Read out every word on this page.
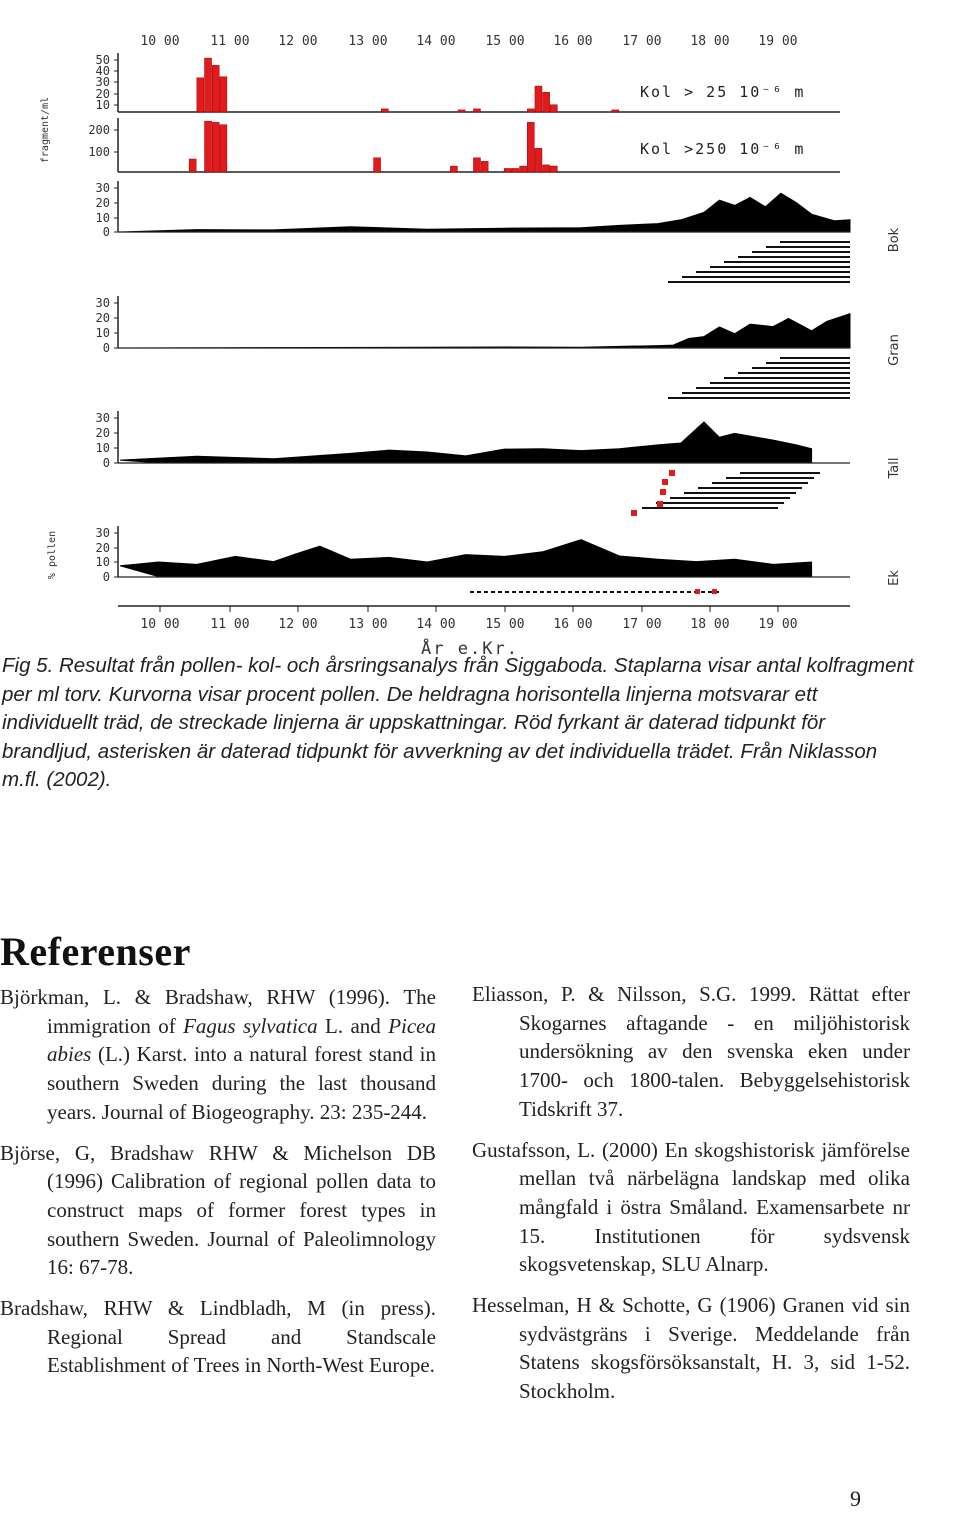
10 00 11 00 12 00 13 00 14 00 15 00 16 00 17 00 18 00 19 00
10 00 11 00 12 00 13 00 14 00 15 00 16 00 17 00 18 00 19 00
50
40
30
20
10
Kol > 25 10⁻⁶ m
200
100	Kol >250 10⁻⁶ m
30
20
10
0
30
20
10
0
30
20
10
0
30
20
10
0
Bok
Gran
Tall
Ek
År e.Kr.
fragment/ml
% pollen
Fig 5. Resultat från pollen- kol- och årsringsanalys från Siggaboda. Staplarna visar antal kolfragment per ml torv. Kurvorna visar procent pollen. De heldragna horisontella linjerna motsvarar ett individuellt träd, de streckade linjerna är uppskattningar. Röd fyrkant är daterad tidpunkt för brandljud, asterisken är daterad tidpunkt för avverkning av det individuella trädet. Från Niklasson m.fl. (2002).
Referenser

Björkman, L. & Bradshaw, RHW (1996). The immigration of Fagus sylvatica L. and Picea abies (L.) Karst. into a natural forest stand in southern Sweden during the last thousand years. Journal of Biogeography. 23: 235-244.

Björse, G, Bradshaw RHW & Michelson DB (1996) Calibration of regional pollen data to construct maps of former forest types in southern Sweden. Journal of Paleolimnology 16: 67-78.

Bradshaw, RHW & Lindbladh, M (in press). Regional Spread and Standscale Establishment of Trees in North-West Europe.

Eliasson, P. & Nilsson, S.G. 1999. Rättat efter Skogarnes aftagande - en miljöhistorisk undersökning av den svenska eken under 1700- och 1800-talen. Bebyggelsehistorisk Tidskrift 37.

Gustafsson, L. (2000) En skogshistorisk jämförelse mellan två närbelägna landskap med olika mångfald i östra Småland. Examensarbete nr 15. Institutionen för sydsvensk skogsvetenskap, SLU Alnarp.

Hesselman, H & Schotte, G (1906) Granen vid sin sydvästgräns i Sverige. Meddelande från Statens skogsförsöksanstalt, H. 3, sid 1-52. Stockholm.

9
